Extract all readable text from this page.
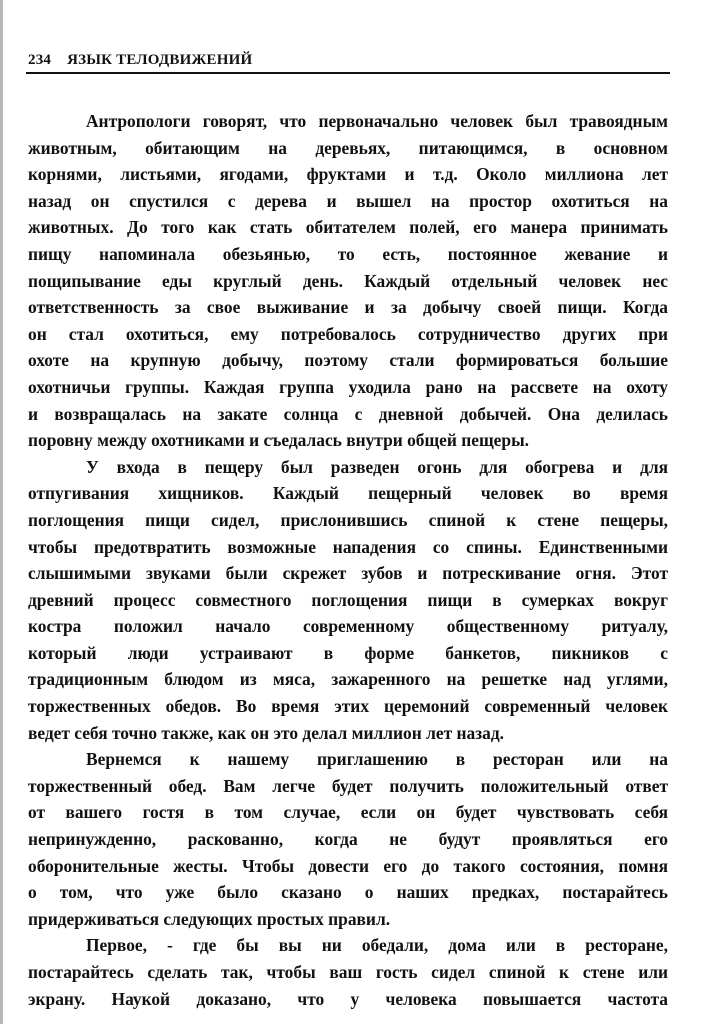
234 ЯЗЫК ТЕЛОДВИЖЕНИЙ
Антропологи говорят, что первоначально человек был травоядным
животным, обитающим на деревьях, питающимся, в основном
корнями, листьями, ягодами, фруктами и т.д. Около миллиона лет
назад он спустился с дерева и вышел на простор охотиться на
животных. До того как стать обитателем полей, его манера принимать
пищу напоминала обезьянью, то есть, постоянное жевание и
пощипывание еды круглый день. Каждый отдельный человек нес
ответственность за свое выживание и за добычу своей пищи. Когда
он стал охотиться, ему потребовалось сотрудничество других при
охоте на крупную добычу, поэтому стали формироваться большие
охотничьи группы. Каждая группа уходила рано на рассвете на охоту
и возвращалась на закате солнца с дневной добычей. Она делилась
поровну между охотниками и съедалась внутри общей пещеры.
У входа в пещеру был разведен огонь для обогрева и для
отпугивания хищников. Каждый пещерный человек во время
поглощения пищи сидел, прислонившись спиной к стене пещеры,
чтобы предотвратить возможные нападения со спины. Единственными
слышимыми звуками были скрежет зубов и потрескивание огня. Этот
древний процесс совместного поглощения пищи в сумерках вокруг
костра положил начало современному общественному ритуалу,
который люди устраивают в форме банкетов, пикников с
традиционным блюдом из мяса, зажаренного на решетке над углями,
торжественных обедов. Во время этих церемоний современный человек
ведет себя точно также, как он это делал миллион лет назад.
Вернемся к нашему приглашению в ресторан или на
торжественный обед. Вам легче будет получить положительный ответ
от вашего гостя в том случае, если он будет чувствовать себя
непринужденно, раскованно, когда не будут проявляться его
оборонительные жесты. Чтобы довести его до такого состояния, помня
о том, что уже было сказано о наших предках, постарайтесь
придерживаться следующих простых правил.
Первое, - где бы вы ни обедали, дома или в ресторане,
постарайтесь сделать так, чтобы ваш гость сидел спиной к стене или
экрану. Наукой доказано, что у человека повышается частота
